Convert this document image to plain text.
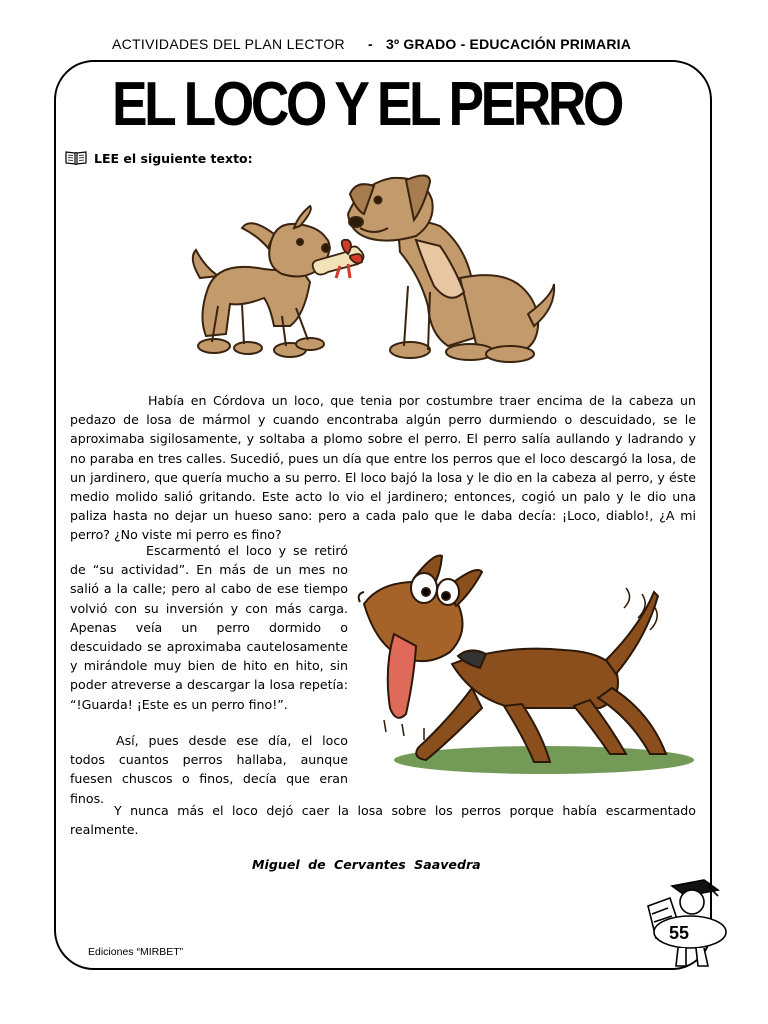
ACTIVIDADES DEL PLAN LECTOR - 3º GRADO - EDUCACIÓN PRIMARIA
EL LOCO Y EL PERRO
LEE el siguiente texto:
Había en Córdova un loco, que tenia por costumbre traer encima de la cabeza un pedazo de losa de mármol y cuando encontraba algún perro durmiendo o descuidado, se le aproximaba sigilosamente, y soltaba a plomo sobre el perro. El perro salía aullando y ladrando y no paraba en tres calles. Sucedió, pues un día que entre los perros que el loco descargó la losa, de un jardinero, que quería mucho a su perro. El loco bajó la losa y le dio en la cabeza al perro, y éste medio molido salió gritando. Este acto lo vio el jardinero; entonces, cogió un palo y le dio una paliza hasta no dejar un hueso sano: pero a cada palo que le daba decía: ¡Loco, diablo!, ¿A mi perro? ¿No viste mi perro es fino?
Escarmentó el loco y se retiró de “su actividad”. En más de un mes no salió a la calle; pero al cabo de ese tiempo volvió con su inversión y con más carga. Apenas veía un perro dormido o descuidado se aproximaba cautelosamente y mirándole muy bien de hito en hito, sin poder atreverse a descargar la losa repetía: “!Guarda! ¡Este es un perro fino!”.
Así, pues desde ese día, el loco todos cuantos perros hallaba, aunque fuesen chuscos o finos, decía que eran finos.
Y nunca más el loco dejó caer la losa sobre los perros porque había escarmentado realmente.
Miguel de Cervantes Saavedra
Ediciones “MIRBET”
55
